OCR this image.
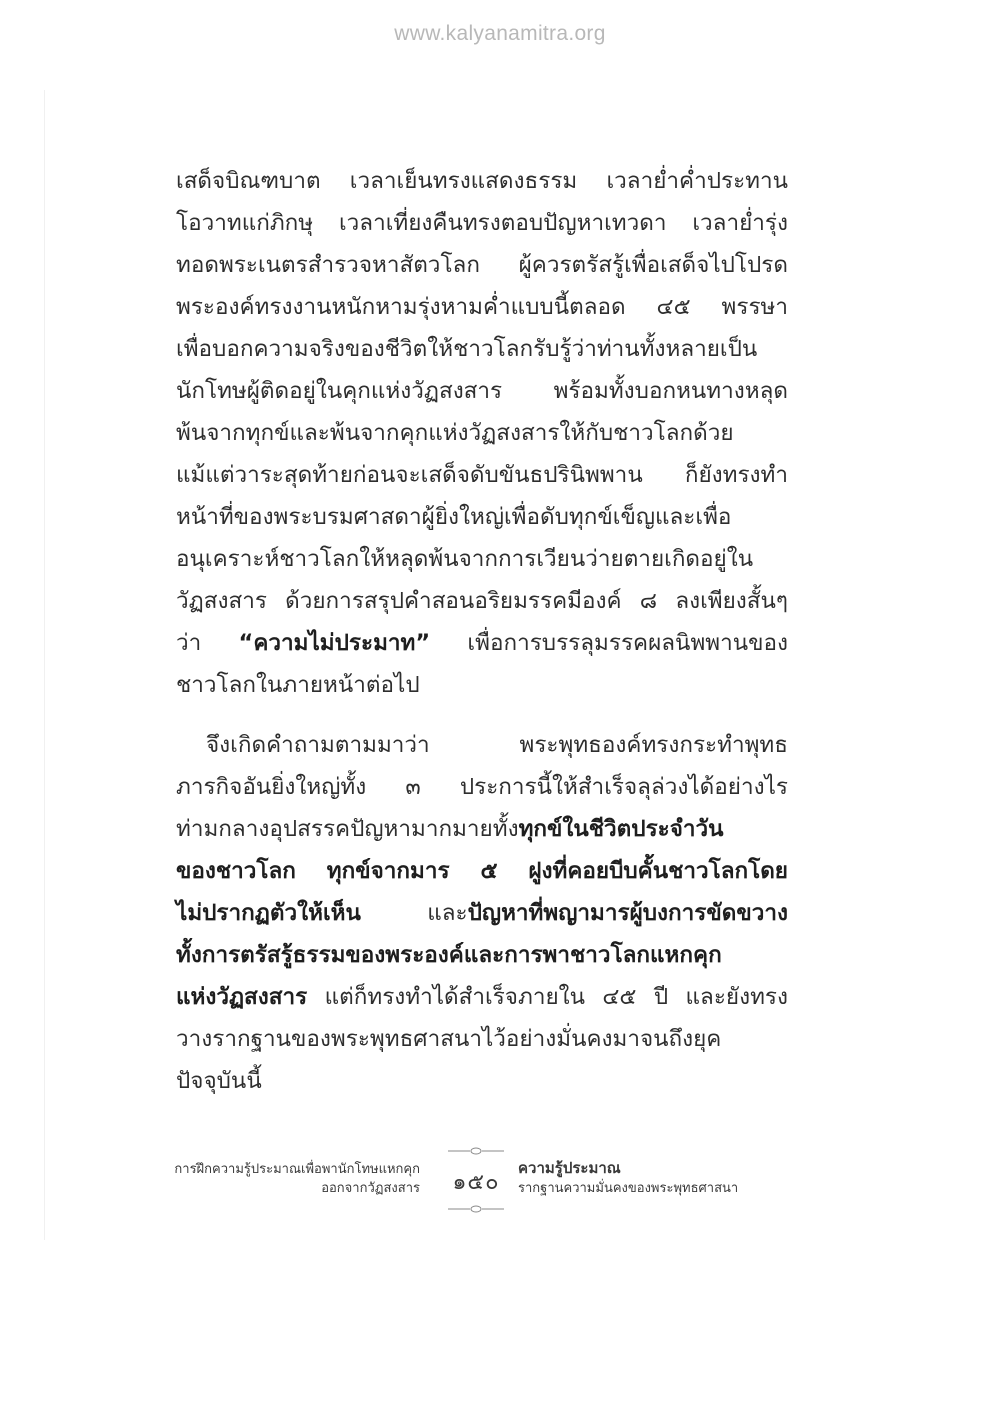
www.kalyanamitra.org
เสด็จบิณฑบาต เวลาเย็นทรงแสดงธรรม เวลาย่ำค่ำประทาน
โอวาทแก่ภิกษุ เวลาเที่ยงคืนทรงตอบปัญหาเทวดา เวลาย่ำรุ่ง
ทอดพระเนตรสำรวจหาสัตวโลก ผู้ควรตรัสรู้เพื่อเสด็จไปโปรด
พระองค์ทรงงานหนักหามรุ่งหามค่ำแบบนี้ตลอด ๔๕ พรรษา
เพื่อบอกความจริงของชีวิตให้ชาวโลกรับรู้ว่าท่านทั้งหลายเป็น
นักโทษผู้ติดอยู่ในคุกแห่งวัฏสงสาร พร้อมทั้งบอกหนทางหลุด
พ้นจากทุกข์และพ้นจากคุกแห่งวัฏสงสารให้กับชาวโลกด้วย
แม้แต่วาระสุดท้ายก่อนจะเสด็จดับขันธปรินิพพาน ก็ยังทรงทำ
หน้าที่ของพระบรมศาสดาผู้ยิ่งใหญ่เพื่อดับทุกข์เข็ญและเพื่อ
อนุเคราะห์ชาวโลกให้หลุดพ้นจากการเวียนว่ายตายเกิดอยู่ใน
วัฏสงสาร ด้วยการสรุปคำสอนอริยมรรคมีองค์ ๘ ลงเพียงสั้นๆ
ว่า “ความไม่ประมาท” เพื่อการบรรลุมรรคผลนิพพานของ
ชาวโลกในภายหน้าต่อไป
จึงเกิดคำถามตามมาว่า พระพุทธองค์ทรงกระทำพุทธ
ภารกิจอันยิ่งใหญ่ทั้ง ๓ ประการนี้ให้สำเร็จลุล่วงได้อย่างไร
ท่ามกลางอุปสรรคปัญหามากมายทั้งทุกข์ในชีวิตประจำวัน
ของชาวโลก ทุกข์จากมาร ๕ ฝูงที่คอยบีบคั้นชาวโลกโดย
ไม่ปรากฏตัวให้เห็น และปัญหาที่พญามารผู้บงการขัดขวาง
ทั้งการตรัสรู้ธรรมของพระองค์และการพาชาวโลกแหกคุก
แห่งวัฏสงสาร แต่ก็ทรงทำได้สำเร็จภายใน ๔๕ ปี และยังทรง
วางรากฐานของพระพุทธศาสนาไว้อย่างมั่นคงมาจนถึงยุค
ปัจจุบันนี้
การฝึกความรู้ประมาณเพื่อพานักโทษแหกคุก
ออกจากวัฏสงสาร ๑๕๐
ความรู้ประมาณ
รากฐานความมั่นคงของพระพุทธศาสนา
